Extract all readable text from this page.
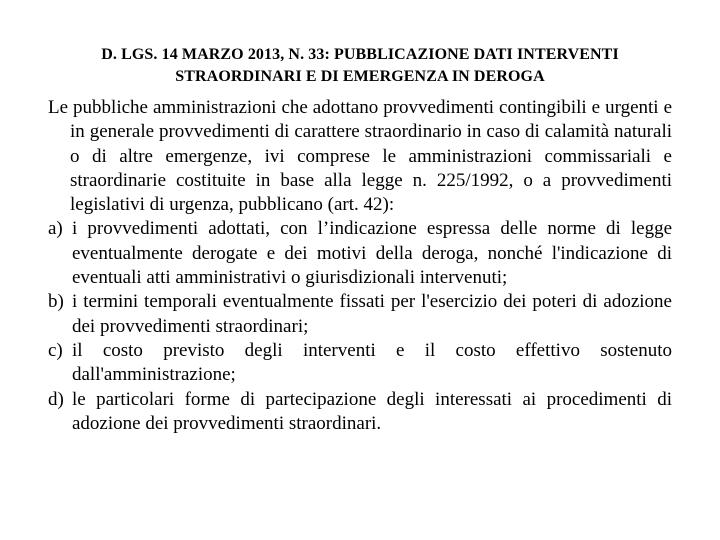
D. LGS. 14 MARZO 2013, N. 33: PUBBLICAZIONE DATI INTERVENTI
STRAORDINARI E DI EMERGENZA IN DEROGA

Le pubbliche amministrazioni che adottano provvedimenti contingibili e urgenti e in generale provvedimenti di carattere straordinario in caso di calamità naturali o di altre emergenze, ivi comprese le amministrazioni commissariali e straordinarie costituite in base alla legge n. 225/1992, o a provvedimenti legislativi di urgenza, pubblicano (art. 42):

a) i provvedimenti adottati, con l’indicazione espressa delle norme di legge eventualmente derogate e dei motivi della deroga, nonché l'indicazione di eventuali atti amministrativi o giurisdizionali intervenuti;
b) i termini temporali eventualmente fissati per l'esercizio dei poteri di adozione dei provvedimenti straordinari;
c) il costo previsto degli interventi e il costo effettivo sostenuto dall'amministrazione;
d) le particolari forme di partecipazione degli interessati ai procedimenti di adozione dei provvedimenti straordinari.
